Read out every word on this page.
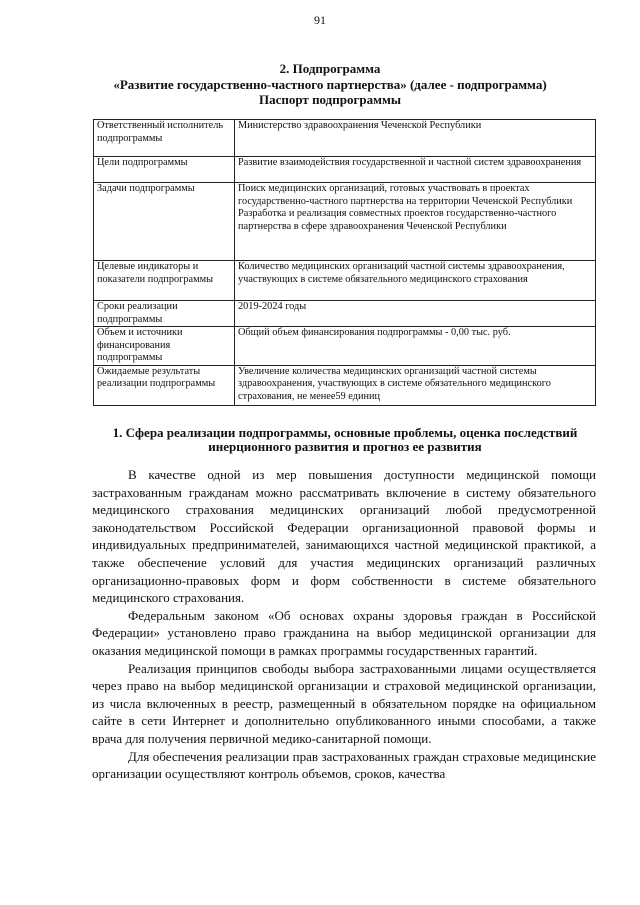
91
2. Подпрограмма
«Развитие государственно-частного партнерства» (далее - подпрограмма)
Паспорт подпрограммы
Ответственный исполнитель подпрограммы	Министерство здравоохранения Чеченской Республики
Цели подпрограммы	Развитие взаимодействия государственной и частной систем здравоохранения
Задачи подпрограммы	Поиск медицинских организаций, готовых участвовать в проектах государственно-частного партнерства на территории Чеченской Республики
Разработка и реализация совместных проектов государственно-частного партнерства в сфере здравоохранения Чеченской Республики
Целевые индикаторы и показатели подпрограммы	Количество медицинских организаций частной системы здравоохранения, участвующих в системе обязательного медицинского страхования
Сроки реализации подпрограммы	2019-2024 годы
Объем и источники финансирования подпрограммы	Общий объем финансирования подпрограммы - 0,00 тыс. руб.
Ожидаемые результаты реализации подпрограммы	Увеличение количества медицинских организаций частной системы здравоохранения, участвующих в системе обязательного медицинского страхования, не менее59 единиц
1. Сфера реализации подпрограммы, основные проблемы, оценка последствий инерционного развития и прогноз ее развития

В качестве одной из мер повышения доступности медицинской помощи застрахованным гражданам можно рассматривать включение в систему обязательного медицинского страхования медицинских организаций любой предусмотренной законодательством Российской Федерации организационной правовой формы и индивидуальных предпринимателей, занимающихся частной медицинской практикой, а также обеспечение условий для участия медицинских организаций различных организационно-правовых форм и форм собственности в системе обязательного медицинского страхования.

Федеральным законом «Об основах охраны здоровья граждан в Российской Федерации» установлено право гражданина на выбор медицинской организации для оказания медицинской помощи в рамках программы государственных гарантий.

Реализация принципов свободы выбора застрахованными лицами осуществляется через право на выбор медицинской организации и страховой медицинской организации, из числа включенных в реестр, размещенный в обязательном порядке на официальном сайте в сети Интернет и дополнительно опубликованного иными способами, а также врача для получения первичной медико-санитарной помощи.

Для обеспечения реализации прав застрахованных граждан страховые медицинские организации осуществляют контроль объемов, сроков, качества
